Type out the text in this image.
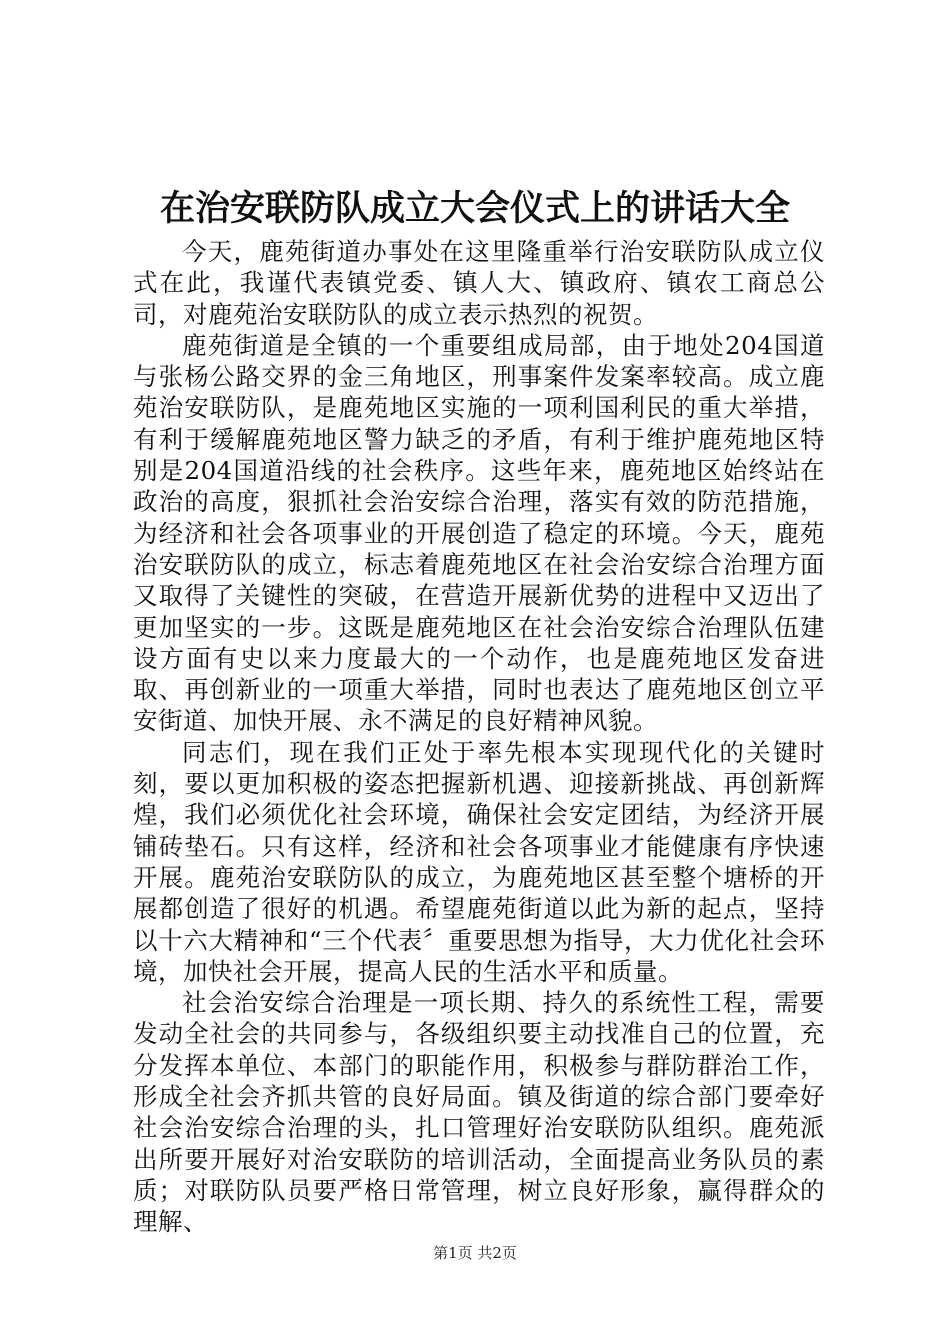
在治安联防队成立大会仪式上的讲话大全

今天，鹿苑街道办事处在这里隆重举行治安联防队成立仪式在此，我谨代表镇党委、镇人大、镇政府、镇农工商总公司，对鹿苑治安联防队的成立表示热烈的祝贺。

鹿苑街道是全镇的一个重要组成局部，由于地处204国道与张杨公路交界的金三角地区，刑事案件发案率较高。成立鹿苑治安联防队，是鹿苑地区实施的一项利国利民的重大举措，有利于缓解鹿苑地区警力缺乏的矛盾，有利于维护鹿苑地区特别是204国道沿线的社会秩序。这些年来，鹿苑地区始终站在政治的高度，狠抓社会治安综合治理，落实有效的防范措施，为经济和社会各项事业的开展创造了稳定的环境。今天，鹿苑治安联防队的成立，标志着鹿苑地区在社会治安综合治理方面又取得了关键性的突破，在营造开展新优势的进程中又迈出了更加坚实的一步。这既是鹿苑地区在社会治安综合治理队伍建设方面有史以来力度最大的一个动作，也是鹿苑地区发奋进取、再创新业的一项重大举措，同时也表达了鹿苑地区创立平安街道、加快开展、永不满足的良好精神风貌。

同志们，现在我们正处于率先根本实现现代化的关键时刻，要以更加积极的姿态把握新机遇、迎接新挑战、再创新辉煌，我们必须优化社会环境，确保社会安定团结，为经济开展铺砖垫石。只有这样，经济和社会各项事业才能健康有序快速开展。鹿苑治安联防队的成立，为鹿苑地区甚至整个塘桥的开展都创造了很好的机遇。希望鹿苑街道以此为新的起点，坚持以十六大精神和“三个代表〞重要思想为指导，大力优化社会环境，加快社会开展，提高人民的生活水平和质量。

社会治安综合治理是一项长期、持久的系统性工程，需要发动全社会的共同参与，各级组织要主动找准自己的位置，充分发挥本单位、本部门的职能作用，积极参与群防群治工作，形成全社会齐抓共管的良好局面。镇及街道的综合部门要牵好社会治安综合治理的头，扎口管理好治安联防队组织。鹿苑派出所要开展好对治安联防的培训活动，全面提高业务队员的素质；对联防队员要严格日常管理，树立良好形象，赢得群众的理解、

第1页 共2页
